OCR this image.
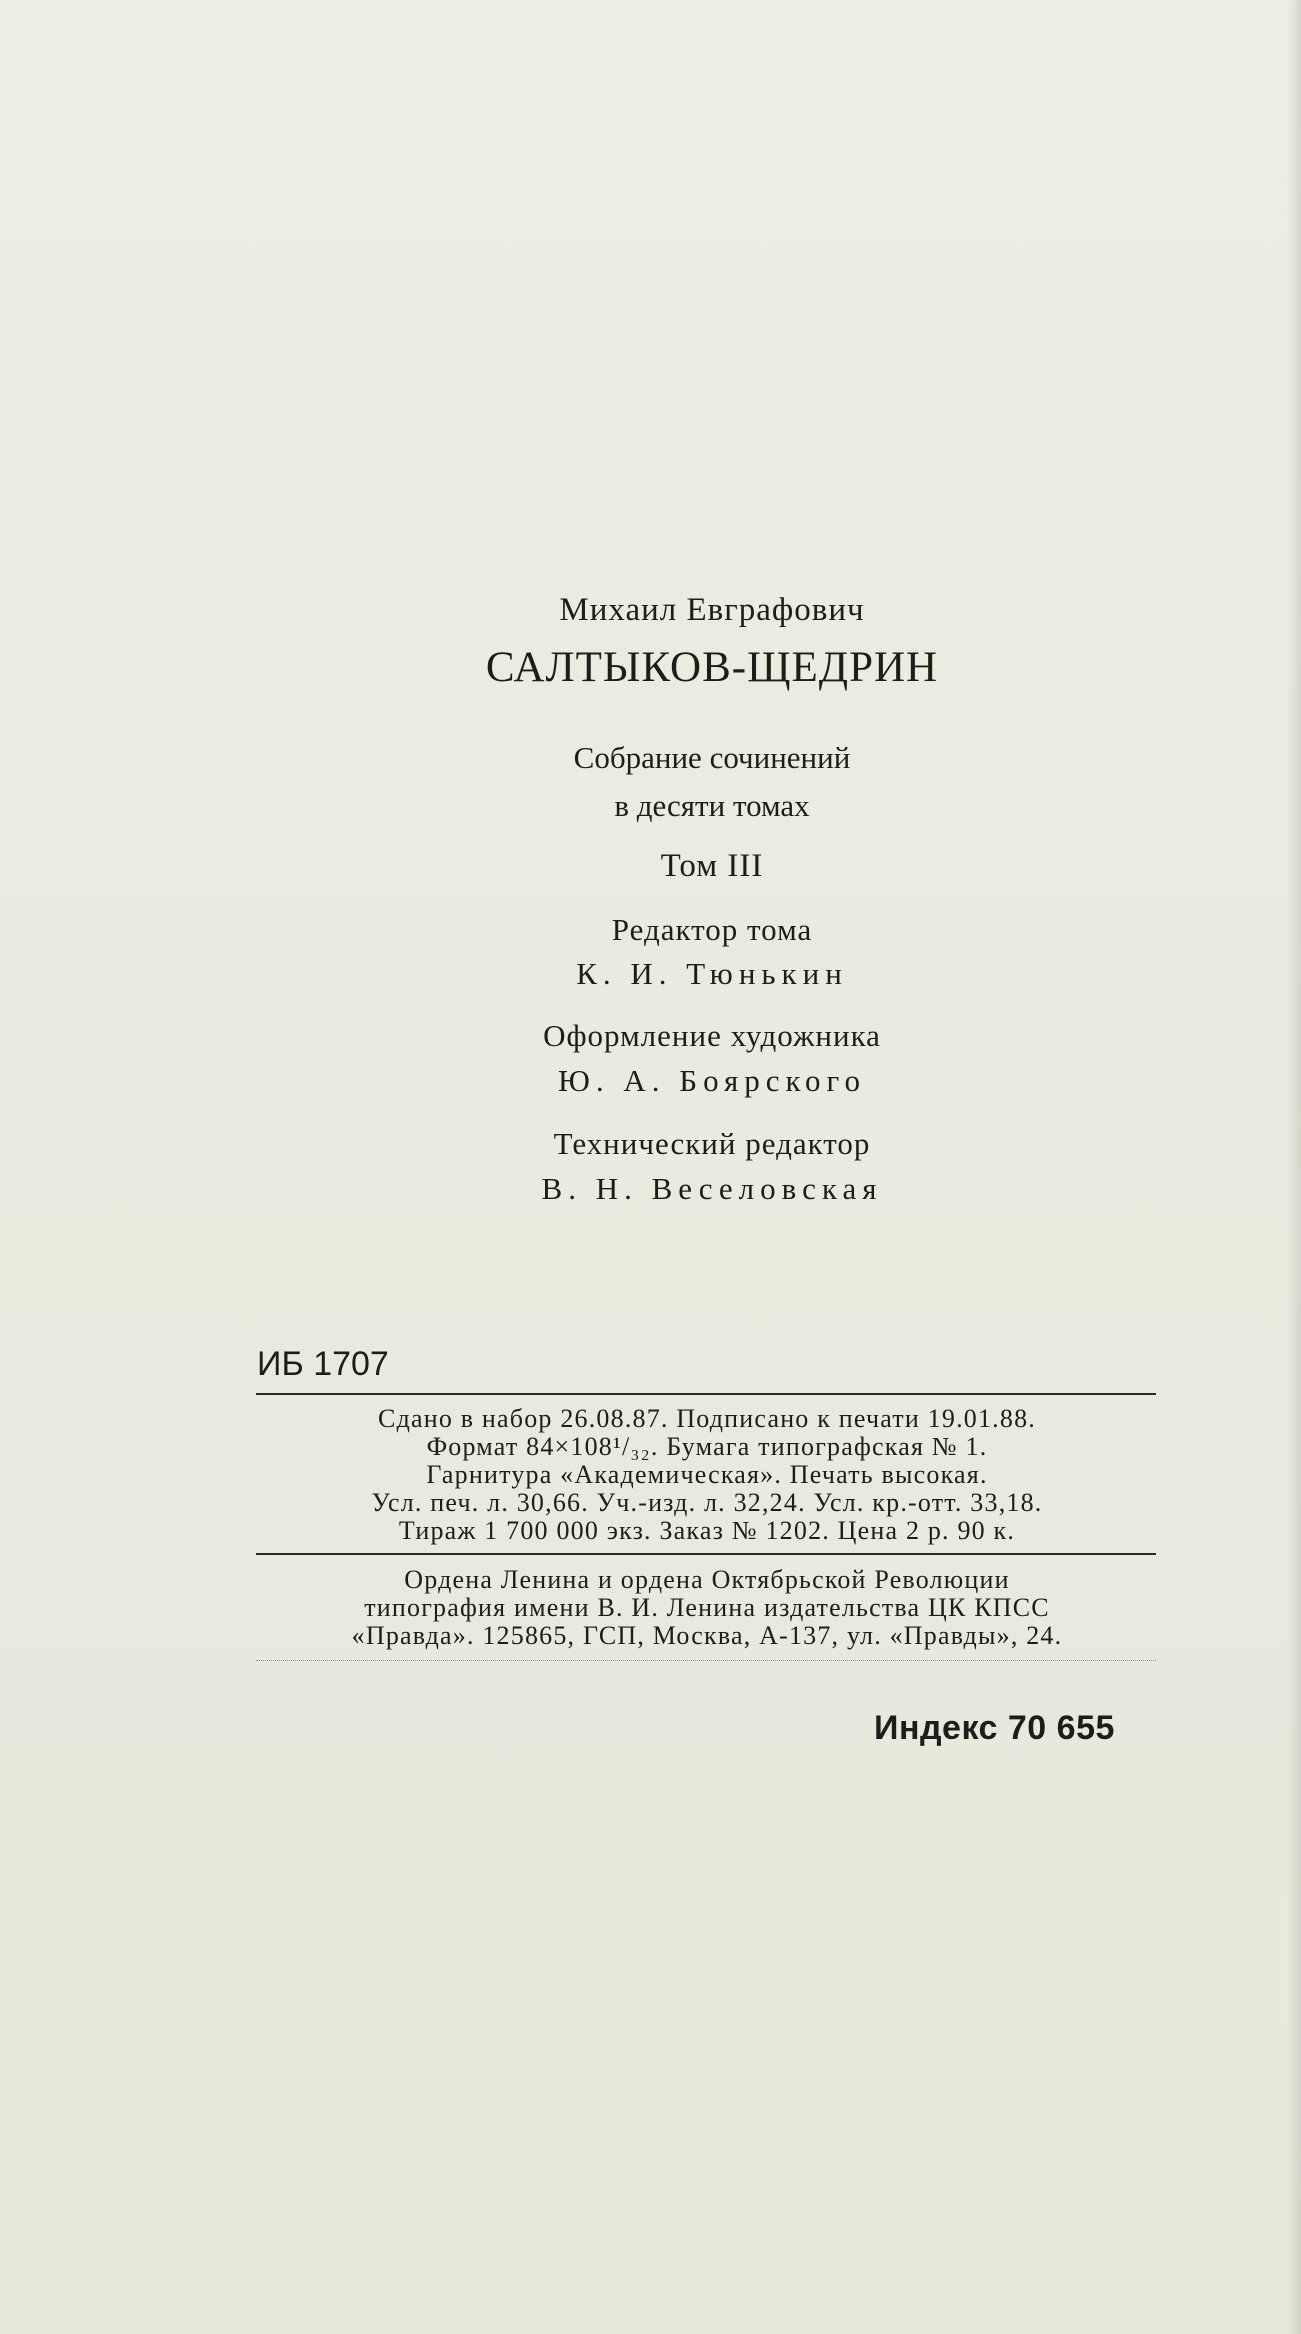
Михаил Евграфович
САЛТЫКОВ-ЩЕДРИН
Собрание сочинений
в десяти томах
Том III
Редактор тома
К. И. Тюнькин
Оформление художника
Ю. А. Боярского
Технический редактор
В. Н. Веселовская
ИБ 1707
Сдано в набор 26.08.87. Подписано к печати 19.01.88.
Формат 84×108¹/₃₂. Бумага типографская № 1.
Гарнитура «Академическая». Печать высокая.
Усл. печ. л. 30,66. Уч.-изд. л. 32,24. Усл. кр.-отт. 33,18.
Тираж 1 700 000 экз. Заказ № 1202. Цена 2 р. 90 к.
Ордена Ленина и ордена Октябрьской Революции
типография имени В. И. Ленина издательства ЦК КПСС
«Правда». 125865, ГСП, Москва, А-137, ул. «Правды», 24.
Индекс 70 655
